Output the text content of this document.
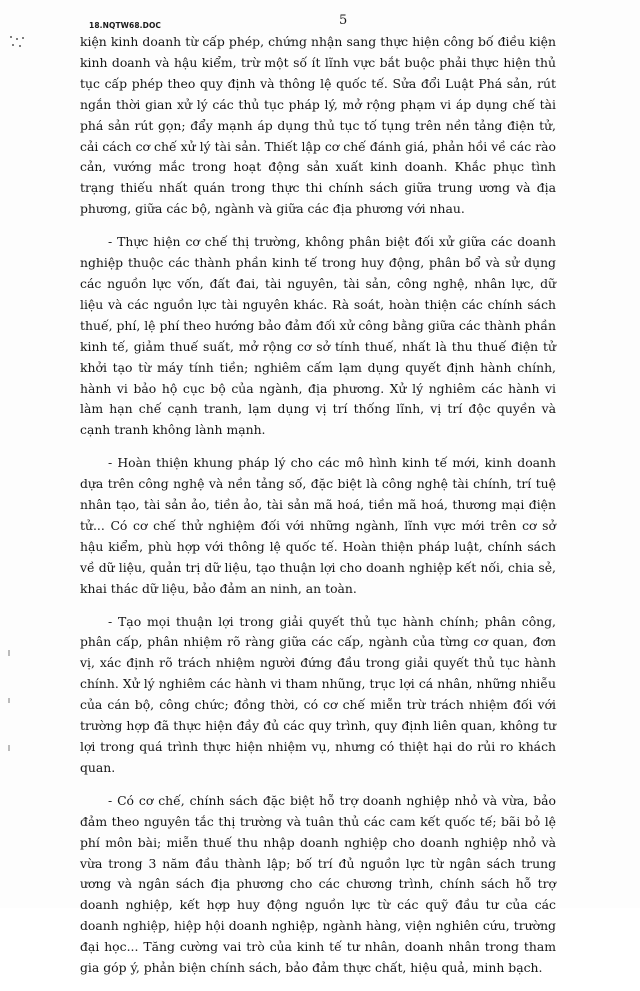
18.NQTW68.DOC	5

kiện kinh doanh từ cấp phép, chứng nhận sang thực hiện công bố điều kiện kinh doanh và hậu kiểm, trừ một số ít lĩnh vực bắt buộc phải thực hiện thủ tục cấp phép theo quy định và thông lệ quốc tế. Sửa đổi Luật Phá sản, rút ngắn thời gian xử lý các thủ tục pháp lý, mở rộng phạm vi áp dụng chế tài phá sản rút gọn; đẩy mạnh áp dụng thủ tục tố tụng trên nền tảng điện tử, cải cách cơ chế xử lý tài sản. Thiết lập cơ chế đánh giá, phản hồi về các rào cản, vướng mắc trong hoạt động sản xuất kinh doanh. Khắc phục tình trạng thiếu nhất quán trong thực thi chính sách giữa trung ương và địa phương, giữa các bộ, ngành và giữa các địa phương với nhau.

- Thực hiện cơ chế thị trường, không phân biệt đối xử giữa các doanh nghiệp thuộc các thành phần kinh tế trong huy động, phân bổ và sử dụng các nguồn lực vốn, đất đai, tài nguyên, tài sản, công nghệ, nhân lực, dữ liệu và các nguồn lực tài nguyên khác. Rà soát, hoàn thiện các chính sách thuế, phí, lệ phí theo hướng bảo đảm đối xử công bằng giữa các thành phần kinh tế, giảm thuế suất, mở rộng cơ sở tính thuế, nhất là thu thuế điện tử khởi tạo từ máy tính tiền; nghiêm cấm lạm dụng quyết định hành chính, hành vi bảo hộ cục bộ của ngành, địa phương. Xử lý nghiêm các hành vi làm hạn chế cạnh tranh, lạm dụng vị trí thống lĩnh, vị trí độc quyền và cạnh tranh không lành mạnh.

- Hoàn thiện khung pháp lý cho các mô hình kinh tế mới, kinh doanh dựa trên công nghệ và nền tảng số, đặc biệt là công nghệ tài chính, trí tuệ nhân tạo, tài sản ảo, tiền ảo, tài sản mã hoá, tiền mã hoá, thương mại điện tử... Có cơ chế thử nghiệm đối với những ngành, lĩnh vực mới trên cơ sở hậu kiểm, phù hợp với thông lệ quốc tế. Hoàn thiện pháp luật, chính sách về dữ liệu, quản trị dữ liệu, tạo thuận lợi cho doanh nghiệp kết nối, chia sẻ, khai thác dữ liệu, bảo đảm an ninh, an toàn.

- Tạo mọi thuận lợi trong giải quyết thủ tục hành chính; phân công, phân cấp, phân nhiệm rõ ràng giữa các cấp, ngành của từng cơ quan, đơn vị, xác định rõ trách nhiệm người đứng đầu trong giải quyết thủ tục hành chính. Xử lý nghiêm các hành vi tham nhũng, trục lợi cá nhân, những nhiễu của cán bộ, công chức; đồng thời, có cơ chế miễn trừ trách nhiệm đối với trường hợp đã thực hiện đầy đủ các quy trình, quy định liên quan, không tư lợi trong quá trình thực hiện nhiệm vụ, nhưng có thiệt hại do rủi ro khách quan.

- Có cơ chế, chính sách đặc biệt hỗ trợ doanh nghiệp nhỏ và vừa, bảo đảm theo nguyên tắc thị trường và tuân thủ các cam kết quốc tế; bãi bỏ lệ phí môn bài; miễn thuế thu nhập doanh nghiệp cho doanh nghiệp nhỏ và vừa trong 3 năm đầu thành lập; bố trí đủ nguồn lực từ ngân sách trung ương và ngân sách địa phương cho các chương trình, chính sách hỗ trợ doanh nghiệp, kết hợp huy động nguồn lực từ các quỹ đầu tư của các doanh nghiệp, hiệp hội doanh nghiệp, ngành hàng, viện nghiên cứu, trường đại học... Tăng cường vai trò của kinh tế tư nhân, doanh nhân trong tham gia góp ý, phản biện chính sách, bảo đảm thực chất, hiệu quả, minh bạch.
